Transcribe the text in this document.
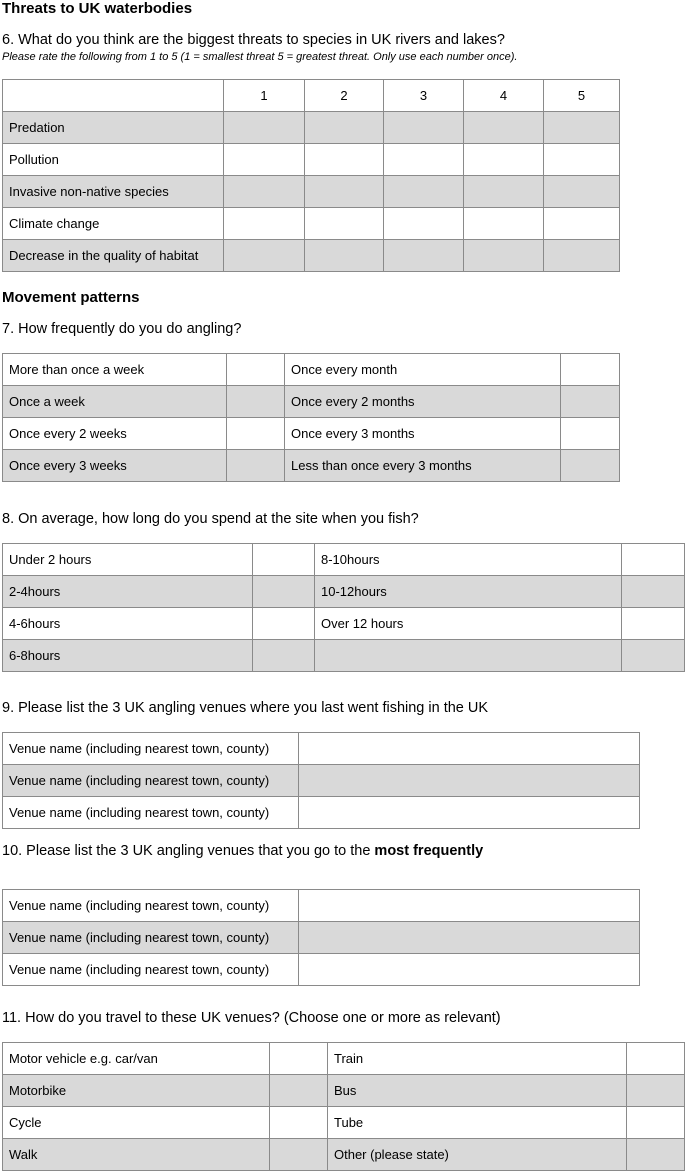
Threats to UK waterbodies

6. What do you think are the biggest threats to species in UK rivers and lakes?

Please rate the following from 1 to 5 (1 = smallest threat 5 = greatest threat. Only use each number once).

	1	2	3	4	5
Predation					
Pollution					
Invasive non-native species					
Climate change					
Decrease in the quality of habitat					
Movement patterns

7. How frequently do you do angling?

More than once a week		Once every month	
Once a week		Once every 2 months	
Once every 2 weeks		Once every 3 months	
Once every 3 weeks		Less than once every 3 months	

8. On average, how long do you spend at the site when you fish?

Under 2 hours		8-10hours	
2-4hours		10-12hours	
4-6hours		Over 12 hours	
6-8hours			

9. Please list the 3 UK angling venues where you last went fishing in the UK

Venue name (including nearest town, county)	
Venue name (including nearest town, county)	
Venue name (including nearest town, county)	

10. Please list the 3 UK angling venues that you go to the most frequently

Venue name (including nearest town, county)	
Venue name (including nearest town, county)	
Venue name (including nearest town, county)	

11. How do you travel to these UK venues? (Choose one or more as relevant)

Motor vehicle e.g. car/van		Train	
Motorbike		Bus	
Cycle		Tube	
Walk		Other (please state)	
